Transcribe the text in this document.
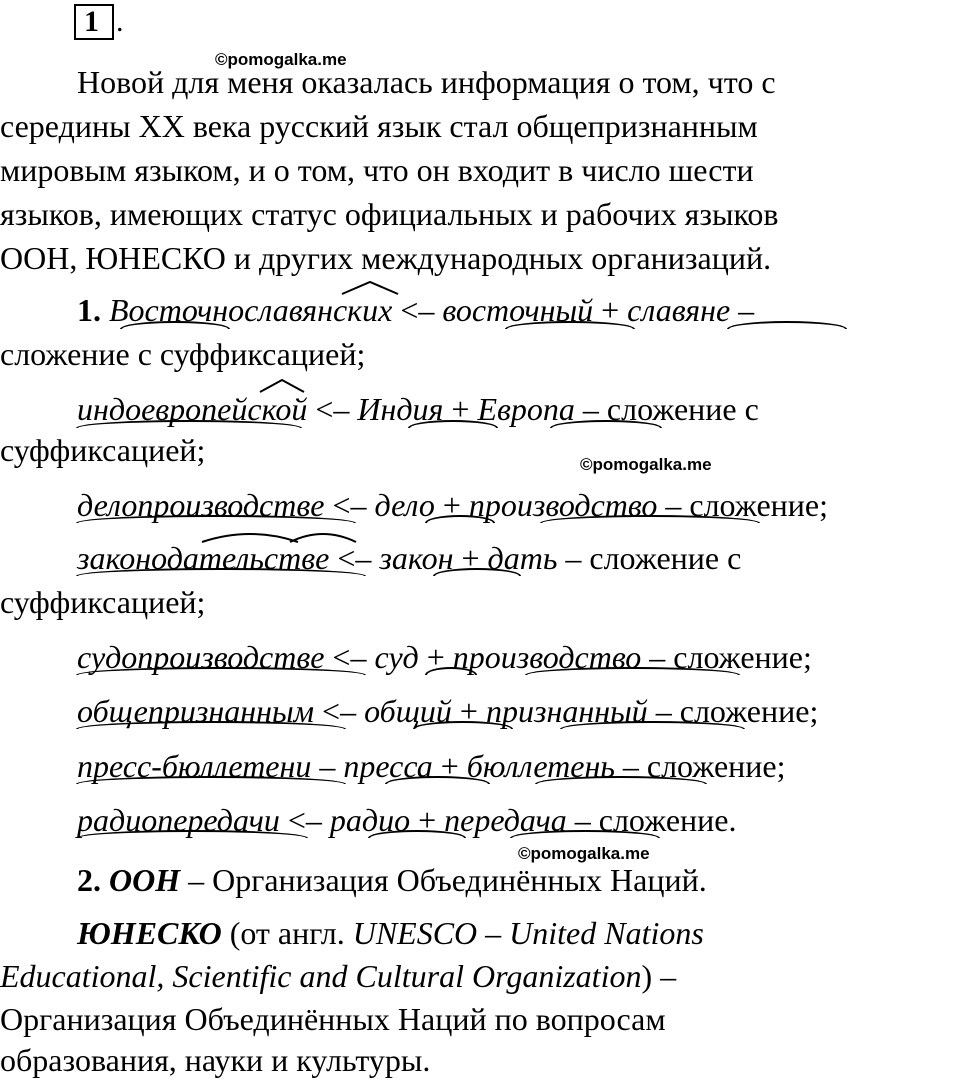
1 .
©pomogalka.me
©pomogalka.me
©pomogalka.me
Новой для меня оказалась информация о том, что с
середины XX века русский язык стал общепризнанным
мировым языком, и о том, что он входит в число шести
языков, имеющих статус официальных и рабочих языков
ООН, ЮНЕСКО и других международных организаций.
1. Восточнославянских <– восточный + славяне –
сложение с суффиксацией;
индоевропейской <– Индия + Европа – сложение с
суффиксацией;
делопроизводстве <– дело + производство – сложение;
законодательстве <– закон + дать – сложение с
суффиксацией;
судопроизводстве <– суд + производство – сложение;
общепризнанным <– общий + признанный – сложение;
пресс-бюллетени – пресса + бюллетень – сложение;
радиопередачи <– радио + передача – сложение.
2. ООН – Организация Объединённых Наций.
ЮНЕСКО (от англ. UNESCO – United Nations
Educational, Scientific and Cultural Organization) –
Организация Объединённых Наций по вопросам
образования, науки и культуры.
